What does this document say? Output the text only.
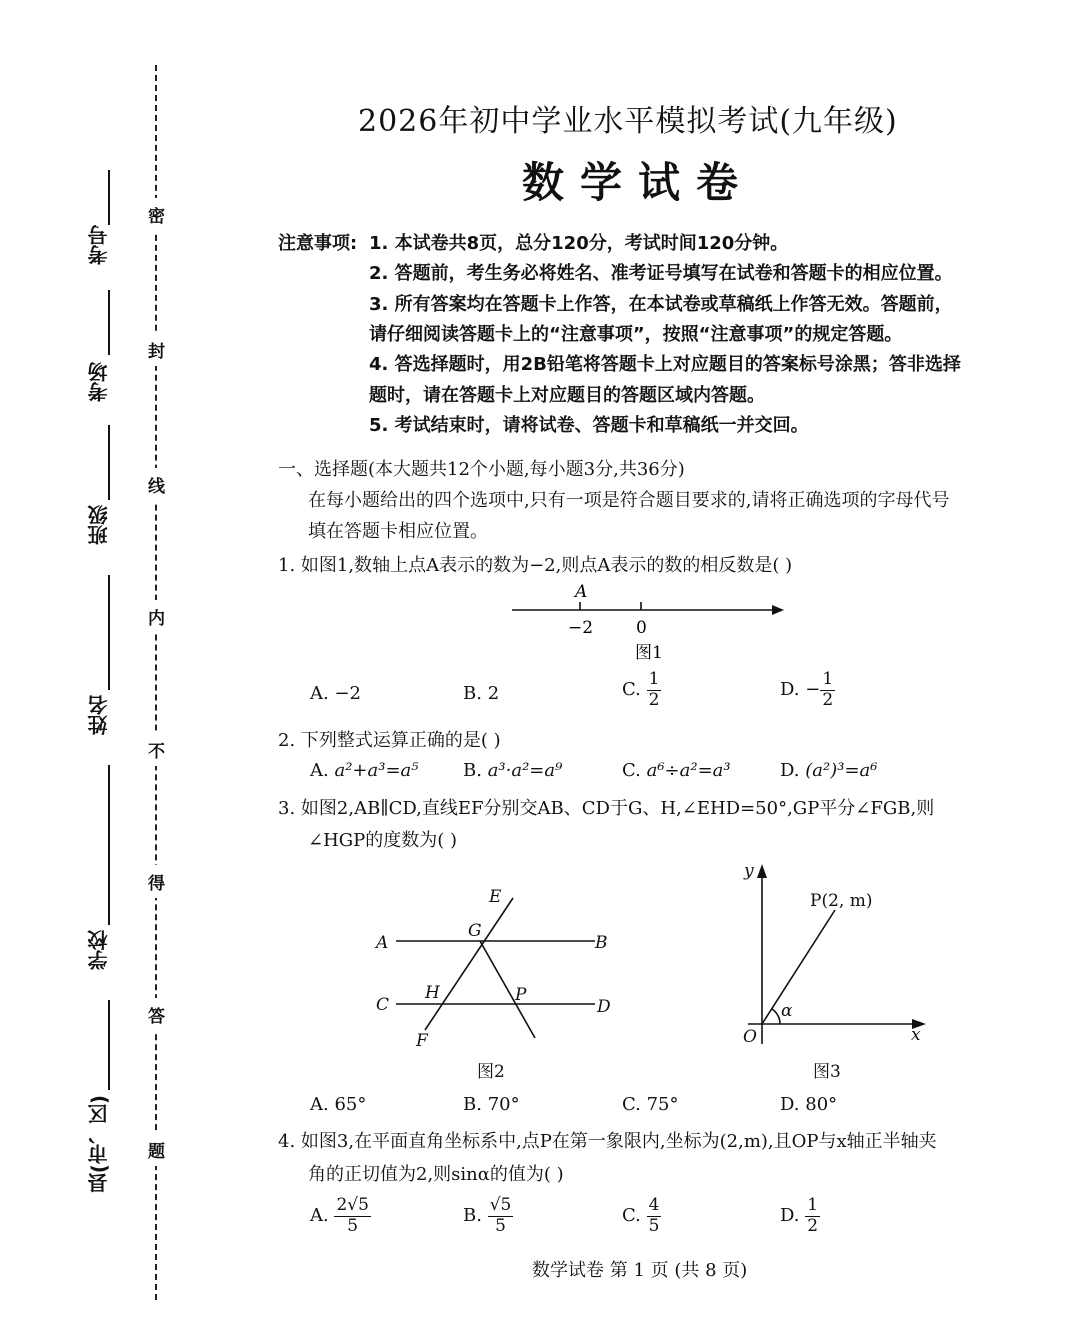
考号
考场
班级
姓名
学校
县(市、区)
密
封
线
内
不
得
答
题
2026年初中学业水平模拟考试(九年级)
数学试卷
注意事项: 1. 本试卷共8页，总分120分，考试时间120分钟。
2. 答题前，考生务必将姓名、准考证号填写在试卷和答题卡的相应位置。
3. 所有答案均在答题卡上作答，在本试卷或草稿纸上作答无效。答题前，
请仔细阅读答题卡上的“注意事项”，按照“注意事项”的规定答题。
4. 答选择题时，用2B铅笔将答题卡上对应题目的答案标号涂黑；答非选择
题时，请在答题卡上对应题目的答题区域内答题。
5. 考试结束时，请将试卷、答题卡和草稿纸一并交回。
一、选择题(本大题共12个小题,每小题3分,共36分)
在每小题给出的四个选项中,只有一项是符合题目要求的,请将正确选项的字母代号
填在答题卡相应位置。
1. 如图1,数轴上点A表示的数为−2,则点A表示的数的相反数是( )
A
−2	0
图1
A. −2	B. 2	C. $\frac{1}{2}$	D. − $\frac{1}{2}$
2. 下列整式运算正确的是( )
A. a²+a³=a⁵ B. a³·a²=a⁹	C. a⁶÷a²=a³	D. (a²)³=a⁶
3. 如图2,AB∥CD,直线EF分别交AB、CD于G、H,∠EHD=50°,GP平分∠FGB,则
∠HGP的度数为( )
A	B
C	D
E
F
G
H	P
图2
y
x
O
P(2, m)
α
图3
A. 65°	B. 70°	C. 75°	D. 80°
4. 如图3,在平面直角坐标系中,点P在第一象限内,坐标为(2,m),且OP与x轴正半轴夹
角的正切值为2,则sinα的值为( )
A. $\frac{2√5}{5}$	B. $\frac{√5}{5}$	C. $\frac{4}{5}$	D. $\frac{1}{2}$
数学试卷 第 1 页 (共 8 页)
